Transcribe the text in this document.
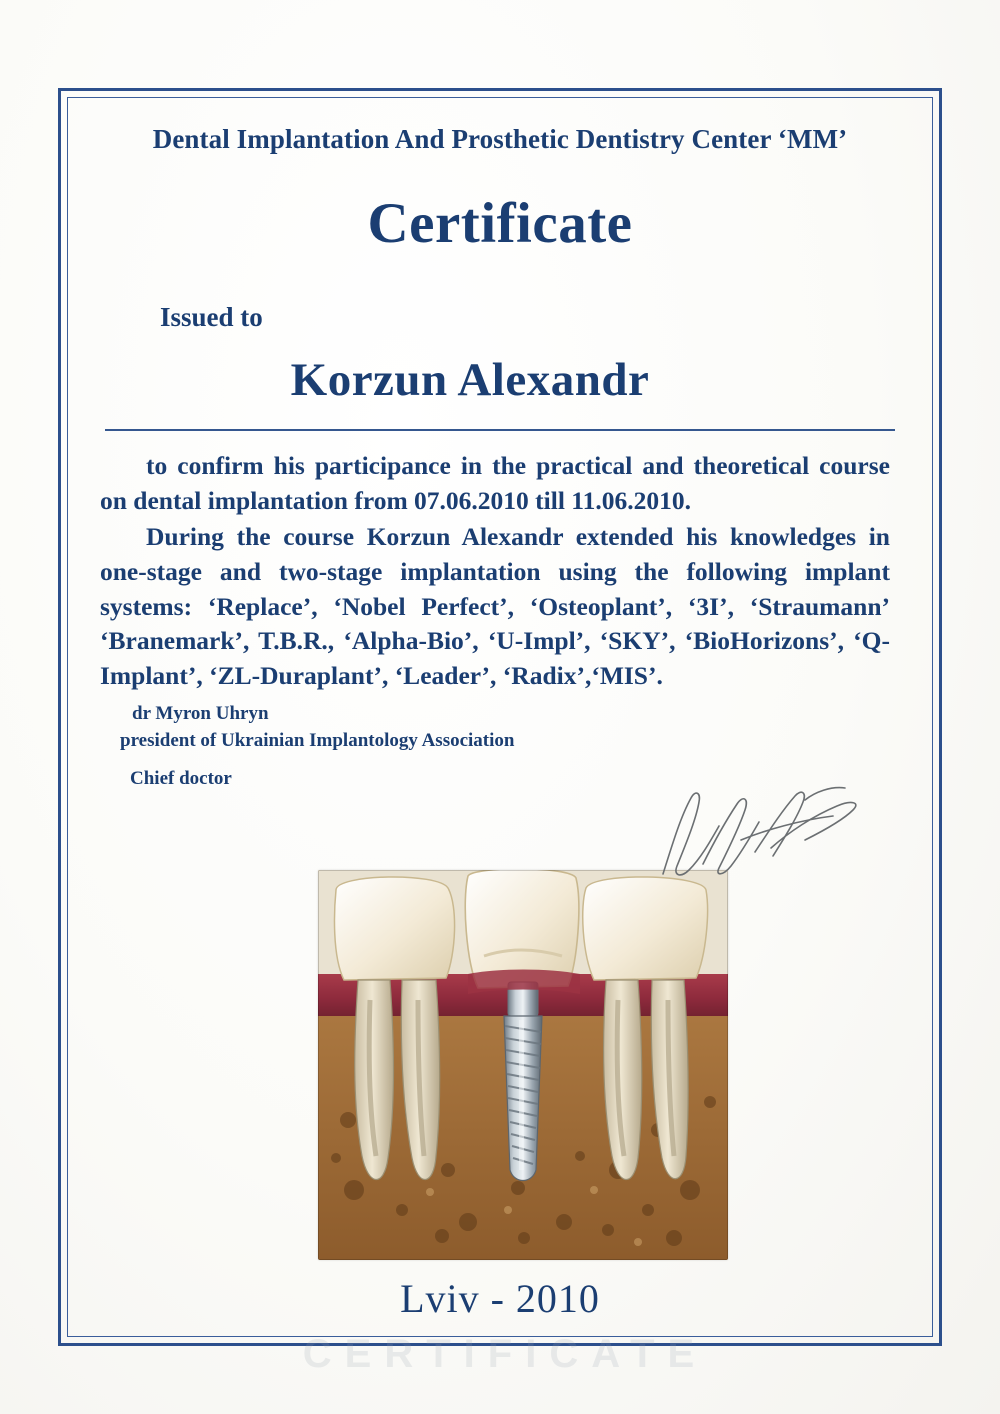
Dental Implantation And Prosthetic Dentistry Center ‘MM’
Certificate
Issued to
Korzun Alexandr

to confirm his participance in the practical and theoretical course on dental implantation from 07.06.2010 till 11.06.2010.

During the course Korzun Alexandr extended his knowledges in one-stage and two-stage implantation using the following implant systems: ‘Replace’, ‘Nobel Perfect’, ‘Osteoplant’, ‘3I’, ‘Straumann’ ‘Branemark’, T.B.R., ‘Alpha-Bio’, ‘U-Impl’, ‘SKY’, ‘BioHorizons’, ‘Q-Implant’, ‘ZL-Duraplant’, ‘Leader’, ‘Radix’,‘MIS’.

dr Myron Uhryn
president of Ukrainian Implantology Association
Chief doctor
Lviv - 2010
CERTIFICATE
